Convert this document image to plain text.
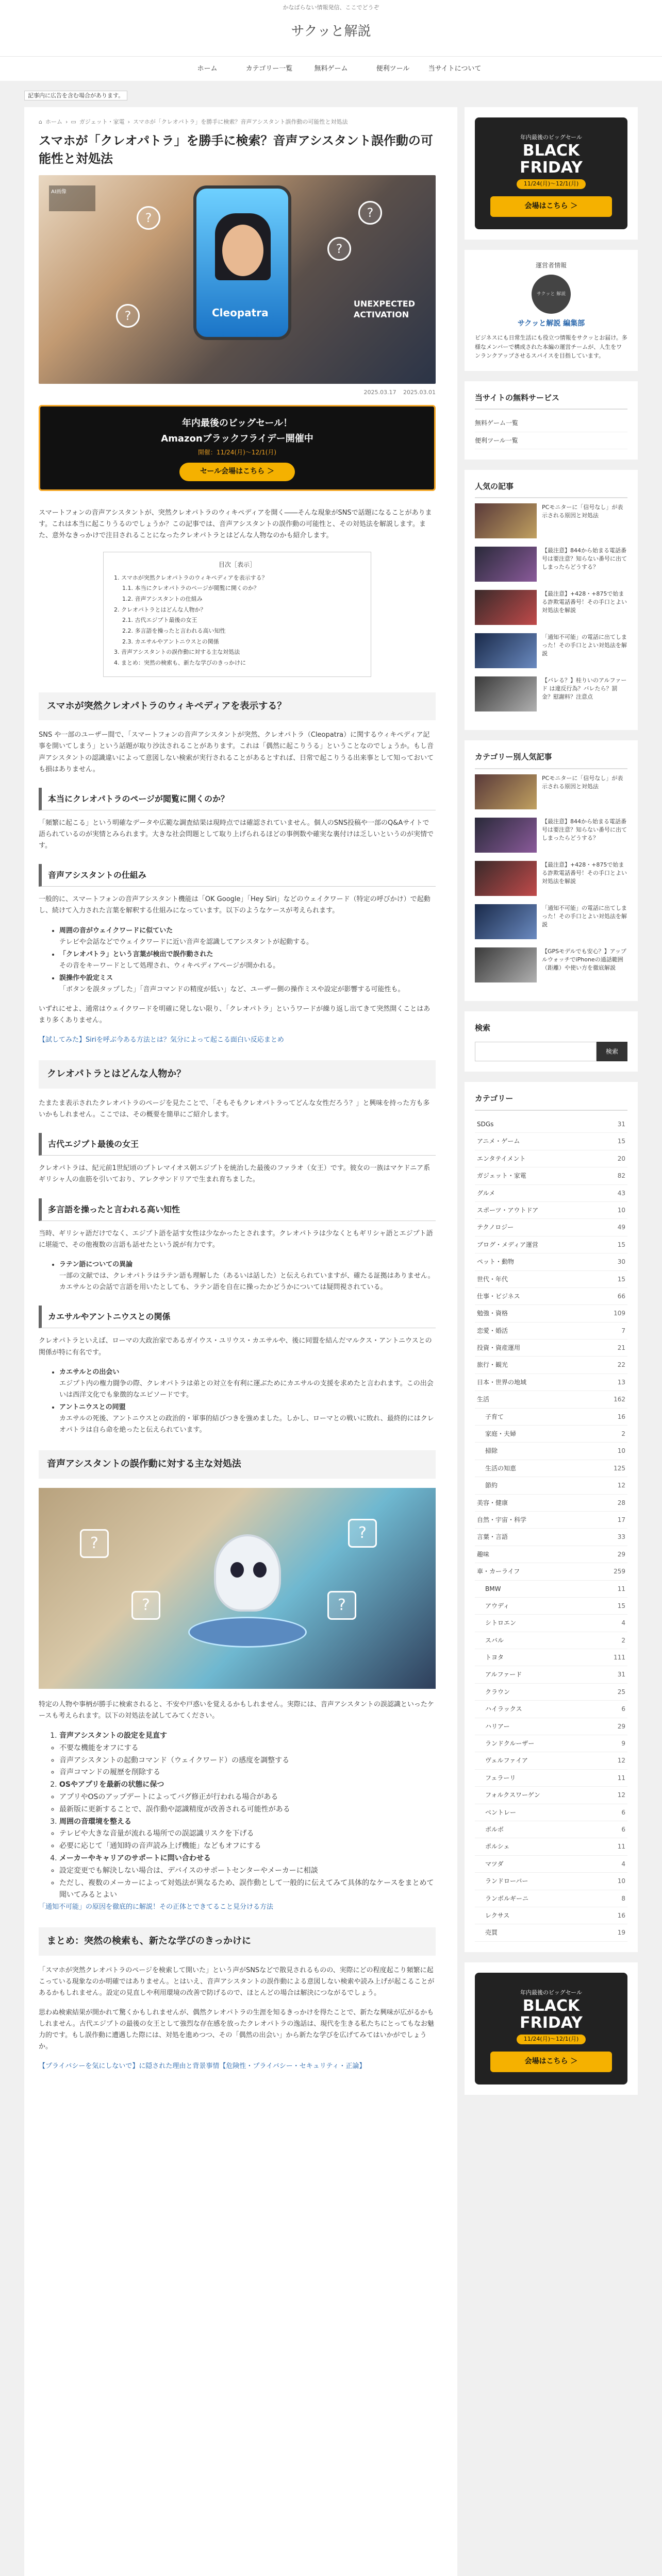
かなばらない情報発信、ここでどうぞ
サクッと解説
ホーム	カテゴリー一覧	無料ゲーム	便利ツール	当サイトについて
記事内に広告を含む場合があります。
⌂ ホーム › ▭ ガジェット・家電 › スマホが「クレオパトラ」を勝手に検索？音声アシスタント誤作動の可能性と対処法
スマホが「クレオパトラ」を勝手に検索？音声アシスタント誤作動の可能性と対処法
AI画像
Cleopatra
?
?
?
?
UNEXPECTED
ACTIVATION
2025.03.17 2025.03.01
年内最後のビッグセール！
Amazonブラックフライデー開催中
開催：11/24(月)〜12/1(月)
セール会場はこちら ＞

スマートフォンの音声アシスタントが、突然クレオパトラのウィキペディアを開く――そんな現象がSNSで話題になることがあります。これは本当に起こりうるのでしょうか？この記事では、音声アシスタントの誤作動の可能性と、その対処法を解説します。また、意外なきっかけで注目されることになったクレオパトラとはどんな人物なのかも紹介します。

目次［表示］
1. スマホが突然クレオパトラのウィキペディアを表示する？
1.1. 本当にクレオパトラのページが閲覧に開くのか？
1.2. 音声アシスタントの仕組み
2. クレオパトラとはどんな人物か？
2.1. 古代エジプト最後の女王
2.2. 多言語を操ったと言われる高い知性
2.3. カエサルやアントニウスとの関係
3. 音声アシスタントの誤作動に対する主な対処法
4. まとめ：突然の検索も、新たな学びのきっかけに
スマホが突然クレオパトラのウィキペディアを表示する？

SNS や一部のユーザー間で、「スマートフォンの音声アシスタントが突然、クレオパトラ（Cleopatra）に関するウィキペディア記事を開いてしまう」という話題が取り沙汰されることがあります。これは「偶然に起こりうる」ということなのでしょうか。もし音声アシスタントの認識違いによって意図しない検索が実行されることがあるとすれば、日常で起こりうる出来事として知っておいても損はありません。

本当にクレオパトラのページが閲覧に開くのか？

「頻繁に起こる」という明確なデータや広範な調査結果は現時点では確認されていません。個人のSNS投稿や一部のQ&Aサイトで語られているのが実情とみられます。大きな社会問題として取り上げられるほどの事例数や確実な裏付けは乏しいというのが実情です。

音声アシスタントの仕組み

一般的に、スマートフォンの音声アシスタント機能は「OK Google」「Hey Siri」などのウェイクワード（特定の呼びかけ）で起動し、続けて入力された言葉を解釈する仕組みになっています。以下のようなケースが考えられます。

• 周囲の音がウェイクワードに似ていた
テレビや会話などでウェイクワードに近い音声を認識してアシスタントが起動する。
• 「クレオパトラ」という言葉が検出で誤作動された
その音をキーワードとして処理され、ウィキペディアページが開かれる。
• 誤操作や設定ミス
「ボタンを誤タップした」「音声コマンドの精度が低い」など、ユーザー側の操作ミスや設定が影響する可能性も。

いずれにせよ、通常はウェイクワードを明確に発しない限り、「クレオパトラ」というワードが繰り返し出てきて突然開くことはあまり多くありません。

【試してみた】Siriを呼ぶ今ある方法とは？気分によって起こる面白い反応まとめ
クレオパトラとはどんな人物か？

たまたま表示されたクレオパトラのページを見たことで、「そもそもクレオパトラってどんな女性だろう？」と興味を持った方も多いかもしれません。ここでは、その概要を簡単にご紹介します。

古代エジプト最後の女王

クレオパトラは、紀元前1世紀頃のプトレマイオス朝エジプトを統治した最後のファラオ（女王）です。彼女の一族はマケドニア系ギリシャ人の血筋を引いており、アレクサンドリアで生まれ育ちました。

多言語を操ったと言われる高い知性

当時、ギリシャ語だけでなく、エジプト語を話す女性は少なかったとされます。クレオパトラは少なくともギリシャ語とエジプト語に堪能で、その他複数の言語も話せたという説が有力です。

• ラテン語についての異論
一部の文献では、クレオパトラはラテン語も理解した（あるいは話した）と伝えられていますが、確たる証拠はありません。カエサルとの会話で言語を用いたとしても、ラテン語を自在に操ったかどうかについては疑問視されている。
カエサルやアントニウスとの関係

クレオパトラといえば、ローマの大政治家であるガイウス・ユリウス・カエサルや、後に同盟を結んだマルクス・アントニウスとの関係が特に有名です。

• カエサルとの出会い
エジプト内の権力闘争の際、クレオパトラは弟との対立を有利に運ぶためにカエサルの支援を求めたと言われます。この出会いは西洋文化でも象徴的なエピソードです。
• アントニウスとの同盟
カエサルの死後、アントニウスとの政治的・軍事的結びつきを強めました。しかし、ローマとの戦いに敗れ、最終的にはクレオパトラは自ら命を絶ったと伝えられています。
音声アシスタントの誤作動に対する主な対処法
?
?
?	?

特定の人物や事柄が勝手に検索されると、不安や戸惑いを覚えるかもしれません。実際には、音声アシスタントの誤認識といったケースも考えられます。以下の対処法を試してみてください。

1. 音声アシスタントの設定を見直す
◦ 不要な機能をオフにする
◦ 音声アシスタントの起動コマンド（ウェイクワード）の感度を調整する
◦ 音声コマンドの履歴を削除する
2. OSやアプリを最新の状態に保つ
◦ アプリやOSのアップデートによってバグ修正が行われる場合がある
◦ 最新版に更新することで、誤作動や認識精度が改善される可能性がある
3. 周囲の音環境を整える
◦ テレビや大きな音量が流れる場所での誤認識リスクを下げる
◦ 必要に応じて「通知時の音声読み上げ機能」などもオフにする
4. メーカーやキャリアのサポートに問い合わせる
◦ 設定変更でも解決しない場合は、デバイスのサポートセンターやメーカーに相談
◦ ただし、複数のメーカーによって対処法が異なるため、誤作動として一般的に伝えてみて具体的なケースをまとめて聞いてみるとよい
「通知不可能」の原因を徹底的に解説！その正体とできてること見分ける方法
まとめ：突然の検索も、新たな学びのきっかけに

「スマホが突然クレオパトラのページを検索して開いた」という声がSNSなどで散見されるものの、実際にどの程度起こり頻繁に起こっている現象なのか明確ではありません。とはいえ、音声アシスタントの誤作動による意図しない検索や読み上げが起こることがあるかもしれません。設定の見直しや利用環境の改善で防げるので、ほとんどの場合は解決につながるでしょう。

思わぬ検索結果が開かれて驚くかもしれませんが、偶然クレオパトラの生涯を知るきっかけを得たことで、新たな興味が広がるかもしれません。古代エジプトの最後の女王として強烈な存在感を放ったクレオパトラの逸話は、現代を生きる私たちにとってもなお魅力的です。もし誤作動に遭遇した際には、対処を進めつつ、その「偶然の出会い」から新たな学びを広げてみてはいかがでしょうか。

【プライバシーを気にしないで】に隠された理由と背景事情【危険性・プライバシー・セキュリティ・正論】
年内最後のビッグセール
BLACK
FRIDAY
11/24(月)〜12/1(月)
会場はこちら ＞
運営者情報
サクッと 解説
サクッと解説 編集部
ビジネスにも日常生活にも役立つ情報をサクッとお届け。多様なメンバーで構成された本編の運営チームが、人生をワンランクアップさせるスパイスを目指しています。
当サイトの無料サービス
無料ゲーム一覧
便利ツール一覧
人気の記事
PCモニターに「信号なし」が表示される原因と対処法
【最注意】844から始まる電話番号は要注意？知らない番号に出てしまったらどうする？
【最注意】+428・+875で始まる詐欺電話番号！その手口とよい対処法を解説
「通知不可能」の電話に出てしまった！その手口とよい対処法を解説
【バレる？】桂りいのアルファード は違反行為？バレたら？罰金？慰謝料？注意点
カテゴリー別人気記事
PCモニターに「信号なし」が表示される原因と対処法
【最注意】844から始まる電話番号は要注意？知らない番号に出てしまったらどうする？
【最注意】+428・+875で始まる詐欺電話番号！その手口とよい対処法を解説
「通知不可能」の電話に出てしまった！その手口とよい対処法を解説
【GPSモデルでも安心？】アップルウォッチでiPhoneの通話範囲（距離）や使い方を徹底解説
検索
検索
カテゴリー
SDGs	31
アニメ・ゲーム	15
エンタテイメント	20
ガジェット・家電	82
グルメ	43
スポーツ・アウトドア	10
テクノロジー	49
ブログ・メディア運営	15
ペット・動物	30
世代・年代	15
仕事・ビジネス	66
勉強・資格	109
恋愛・婚活	7
投資・資産運用	21
旅行・観光	22
日本・世界の地域	13
生活	162
子育て	16
家庭・夫婦	2
掃除	10
生活の知恵	125
節約	12
美容・健康	28
自然・宇宙・科学	17
言葉・言語	33
趣味	29
車・カーライフ	259
BMW	11
アウディ	15
シトロエン	4
スバル	2
トヨタ	111
アルファード	31
クラウン	25
ハイラックス	6
ハリアー	29
ランドクルーザー	9
ヴェルファイア	12
フェラーリ	11
フォルクスワーゲン	12
ベントレー	6
ボルボ	6
ポルシェ	11
マツダ	4
ランドローバー	10
ランボルギーニ	8
レクサス	16
売買	19
年内最後のビッグセール
BLACK
FRIDAY
11/24(月)〜12/1(月)
会場はこちら ＞
